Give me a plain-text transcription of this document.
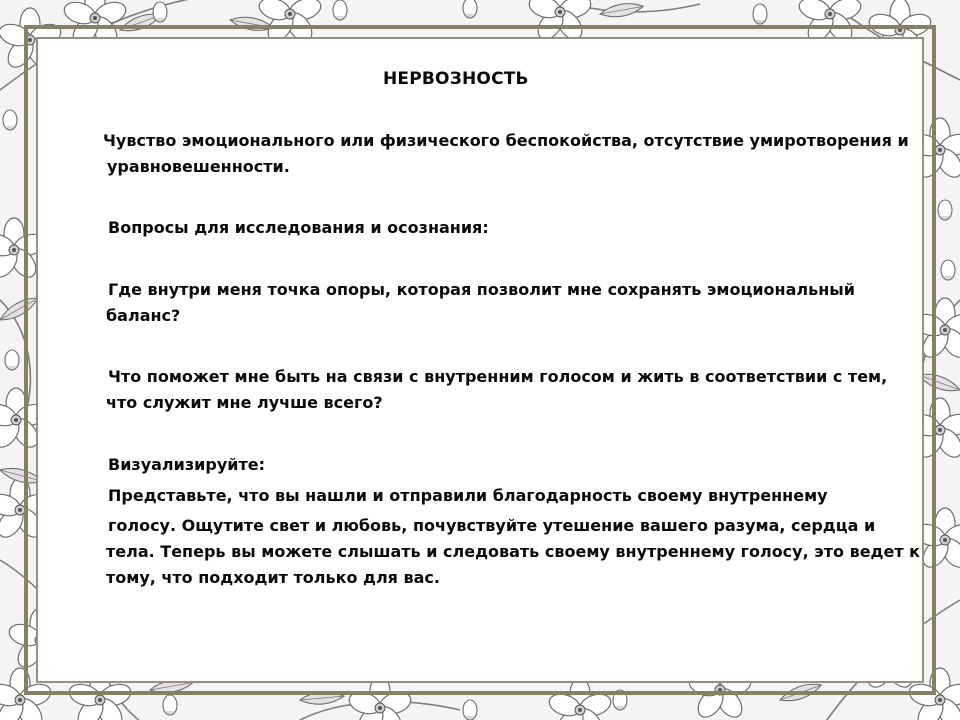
НЕРВОЗНОСТЬ
Чувство эмоционального или физического беспокойства, отсутствие умиротворения и
уравновешенности.
Вопросы для исследования и осознания:
Где внутри меня точка опоры, которая позволит мне сохранять эмоциональный
баланс?
Что поможет мне быть на связи с внутренним голосом и жить в соответствии с тем,
что служит мне лучше всего?
Визуализируйте:
Представьте, что вы нашли и отправили благодарность своему внутреннему
голосу. Ощутите свет и любовь, почувствуйте утешение вашего разума, сердца и
тела. Теперь вы можете слышать и следовать своему внутреннему голосу, это ведет к
тому, что подходит только для вас.
